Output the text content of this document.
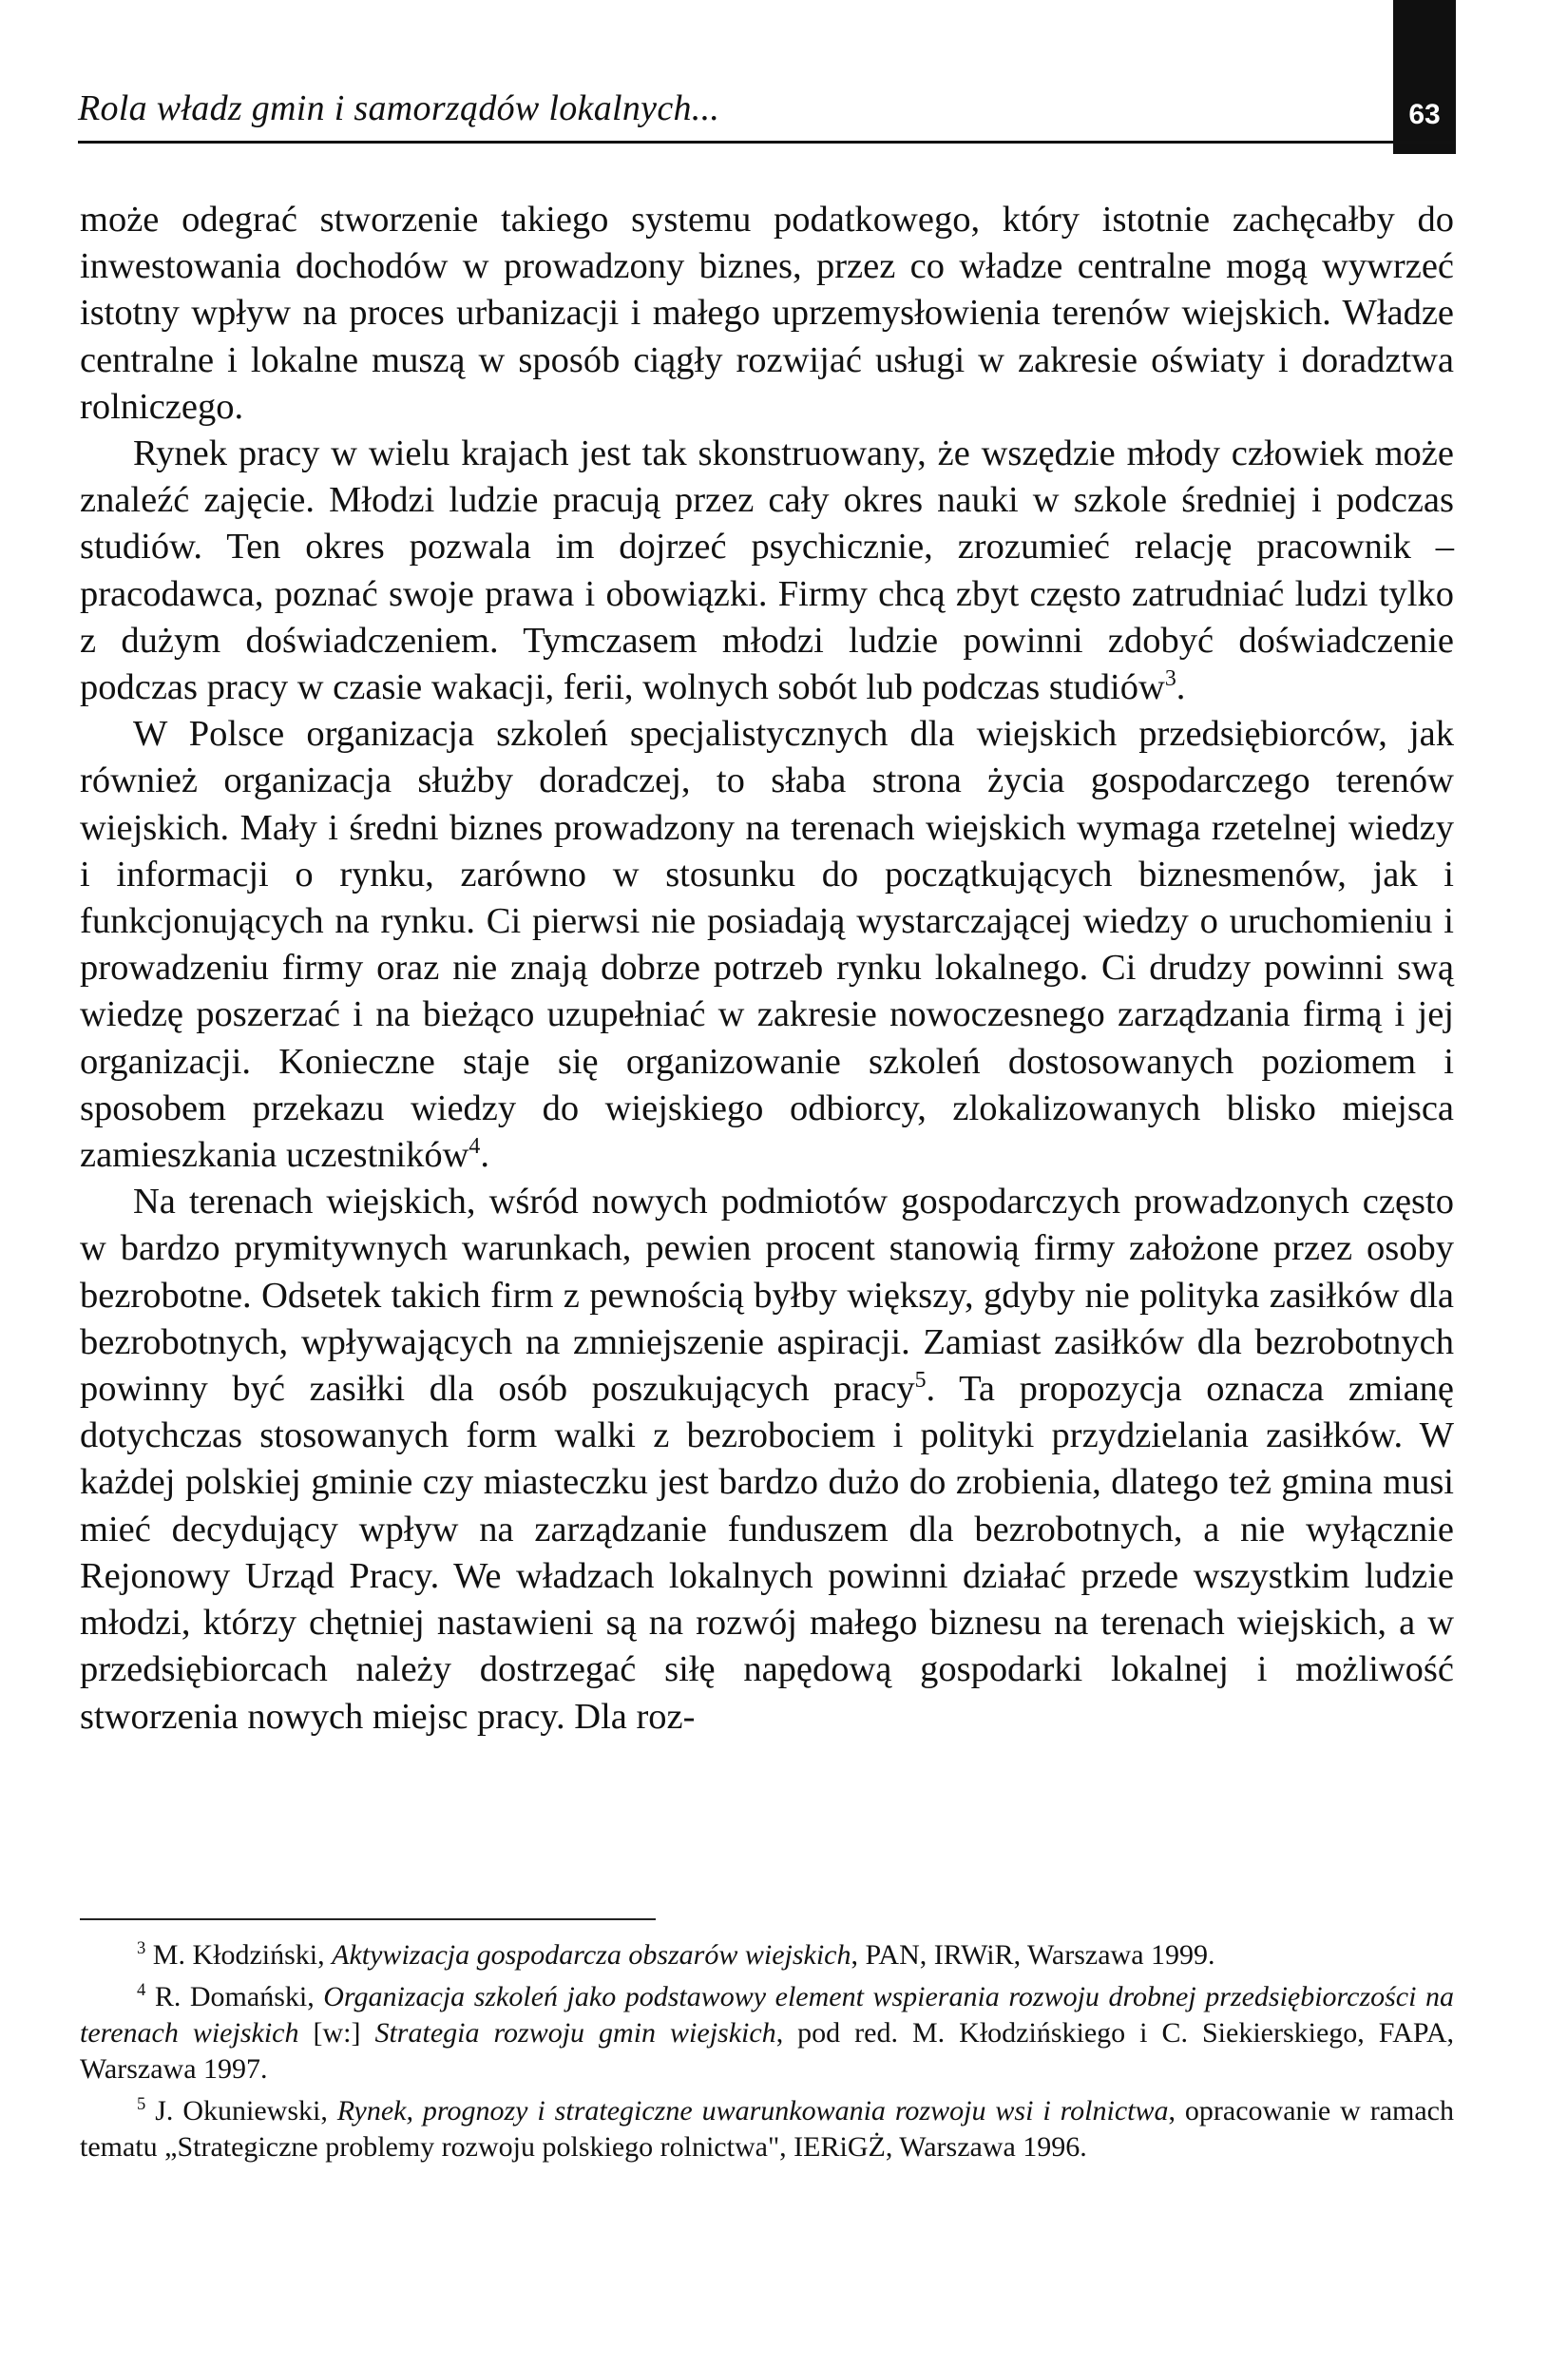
Rola władz gmin i samorządów lokalnych...	63

może odegrać stworzenie takiego systemu podatkowego, który istotnie zachęcałby do inwestowania dochodów w prowadzony biznes, przez co władze centralne mogą wywrzeć istotny wpływ na proces urbanizacji i małego uprzemysłowienia terenów wiejskich. Władze centralne i lokalne muszą w sposób ciągły rozwijać usługi w zakresie oświaty i doradztwa rolniczego.

Rynek pracy w wielu krajach jest tak skonstruowany, że wszędzie młody człowiek może znaleźć zajęcie. Młodzi ludzie pracują przez cały okres nauki w szkole średniej i podczas studiów. Ten okres pozwala im dojrzeć psychicznie, zrozumieć relację pracownik – pracodawca, poznać swoje prawa i obowiązki. Firmy chcą zbyt często zatrudniać ludzi tylko z dużym doświadczeniem. Tymczasem młodzi ludzie powinni zdobyć doświadczenie podczas pracy w czasie wakacji, ferii, wolnych sobót lub podczas studiów$^3$.

W Polsce organizacja szkoleń specjalistycznych dla wiejskich przedsiębiorców, jak również organizacja służby doradczej, to słaba strona życia gospodarczego terenów wiejskich. Mały i średni biznes prowadzony na terenach wiejskich wymaga rzetelnej wiedzy i informacji o rynku, zarówno w stosunku do początkujących biznesmenów, jak i funkcjonujących na rynku. Ci pierwsi nie posiadają wystarczającej wiedzy o uruchomieniu i prowadzeniu firmy oraz nie znają dobrze potrzeb rynku lokalnego. Ci drudzy powinni swą wiedzę poszerzać i na bieżąco uzupełniać w zakresie nowoczesnego zarządzania firmą i jej organizacji. Konieczne staje się organizowanie szkoleń dostosowanych poziomem i sposobem przekazu wiedzy do wiejskiego odbiorcy, zlokalizowanych blisko miejsca zamieszkania uczestników$^4$.

Na terenach wiejskich, wśród nowych podmiotów gospodarczych prowadzonych często w bardzo prymitywnych warunkach, pewien procent stanowią firmy założone przez osoby bezrobotne. Odsetek takich firm z pewnością byłby większy, gdyby nie polityka zasiłków dla bezrobotnych, wpływających na zmniejszenie aspiracji. Zamiast zasiłków dla bezrobotnych powinny być zasiłki dla osób poszukujących pracy$^5$. Ta propozycja oznacza zmianę dotychczas stosowanych form walki z bezrobociem i polityki przydzielania zasiłków. W każdej polskiej gminie czy miasteczku jest bardzo dużo do zrobienia, dlatego też gmina musi mieć decydujący wpływ na zarządzanie funduszem dla bezrobotnych, a nie wyłącznie Rejonowy Urząd Pracy. We władzach lokalnych powinni działać przede wszystkim ludzie młodzi, którzy chętniej nastawieni są na rozwój małego biznesu na terenach wiejskich, a w przedsiębiorcach należy dostrzegać siłę napędową gospodarki lokalnej i możliwość stworzenia nowych miejsc pracy. Dla roz-

$^3$ M. Kłodziński, Aktywizacja gospodarcza obszarów wiejskich, PAN, IRWiR, Warszawa 1999.

$^4$ R. Domański, Organizacja szkoleń jako podstawowy element wspierania rozwoju drobnej przedsiębiorczości na terenach wiejskich [w:] Strategia rozwoju gmin wiejskich, pod red. M. Kłodzińskiego i C. Siekierskiego, FAPA, Warszawa 1997.

$^5$ J. Okuniewski, Rynek, prognozy i strategiczne uwarunkowania rozwoju wsi i rolnictwa, opracowanie w ramach tematu „Strategiczne problemy rozwoju polskiego rolnictwa", IERiGŻ, Warszawa 1996.
